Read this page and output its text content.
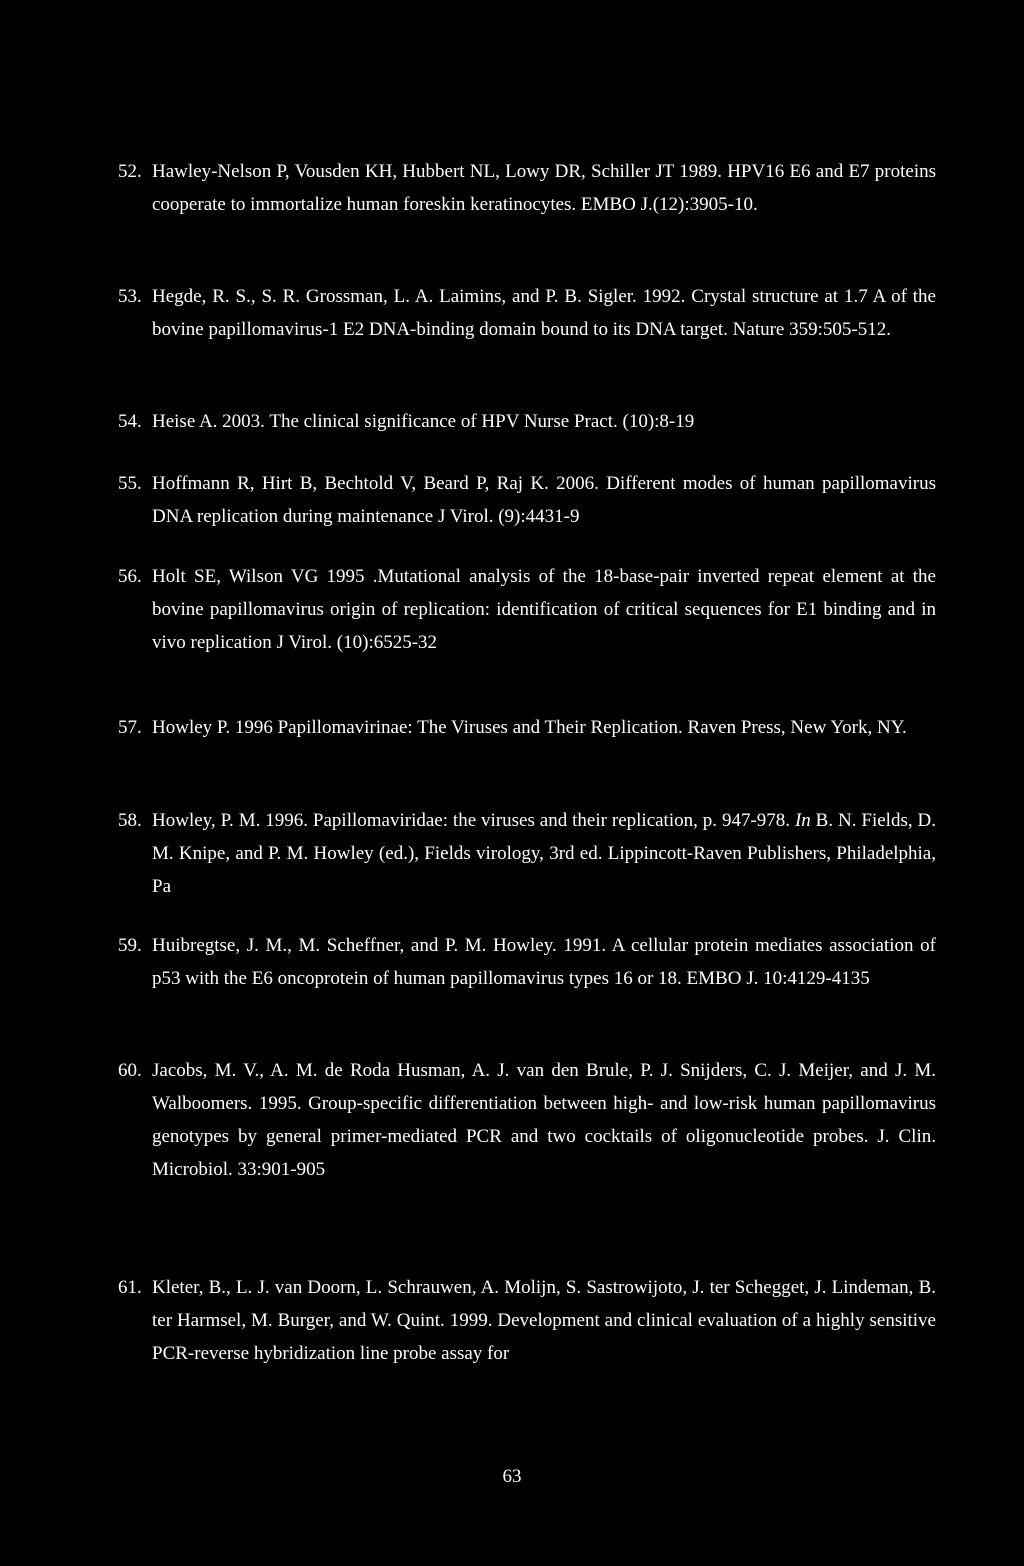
52. Hawley-Nelson P, Vousden KH, Hubbert NL, Lowy DR, Schiller JT 1989. HPV16 E6 and E7 proteins cooperate to immortalize human foreskin keratinocytes. EMBO J.(12):3905-10.
53. Hegde, R. S., S. R. Grossman, L. A. Laimins, and P. B. Sigler. 1992. Crystal structure at 1.7 A of the bovine papillomavirus-1 E2 DNA-binding domain bound to its DNA target. Nature 359:505-512.
54. Heise A. 2003. The clinical significance of HPV Nurse Pract. (10):8-19
55. Hoffmann R, Hirt B, Bechtold V, Beard P, Raj K. 2006. Different modes of human papillomavirus DNA replication during maintenance J Virol. (9):4431-9
56. Holt SE, Wilson VG 1995 .Mutational analysis of the 18-base-pair inverted repeat element at the bovine papillomavirus origin of replication: identification of critical sequences for E1 binding and in vivo replication J Virol. (10):6525-32
57. Howley P. 1996 Papillomavirinae: The Viruses and Their Replication. Raven Press, New York, NY.
58. Howley, P. M. 1996. Papillomaviridae: the viruses and their replication, p. 947-978. In B. N. Fields, D. M. Knipe, and P. M. Howley (ed.), Fields virology, 3rd ed. Lippincott-Raven Publishers, Philadelphia, Pa
59. Huibregtse, J. M., M. Scheffner, and P. M. Howley. 1991. A cellular protein mediates association of p53 with the E6 oncoprotein of human papillomavirus types 16 or 18. EMBO J. 10:4129-4135
60. Jacobs, M. V., A. M. de Roda Husman, A. J. van den Brule, P. J. Snijders, C. J. Meijer, and J. M. Walboomers. 1995. Group-specific differentiation between high- and low-risk human papillomavirus genotypes by general primer-mediated PCR and two cocktails of oligonucleotide probes. J. Clin. Microbiol. 33:901-905
61. Kleter, B., L. J. van Doorn, L. Schrauwen, A. Molijn, S. Sastrowijoto, J. ter Schegget, J. Lindeman, B. ter Harmsel, M. Burger, and W. Quint. 1999. Development and clinical evaluation of a highly sensitive PCR-reverse hybridization line probe assay for
63
